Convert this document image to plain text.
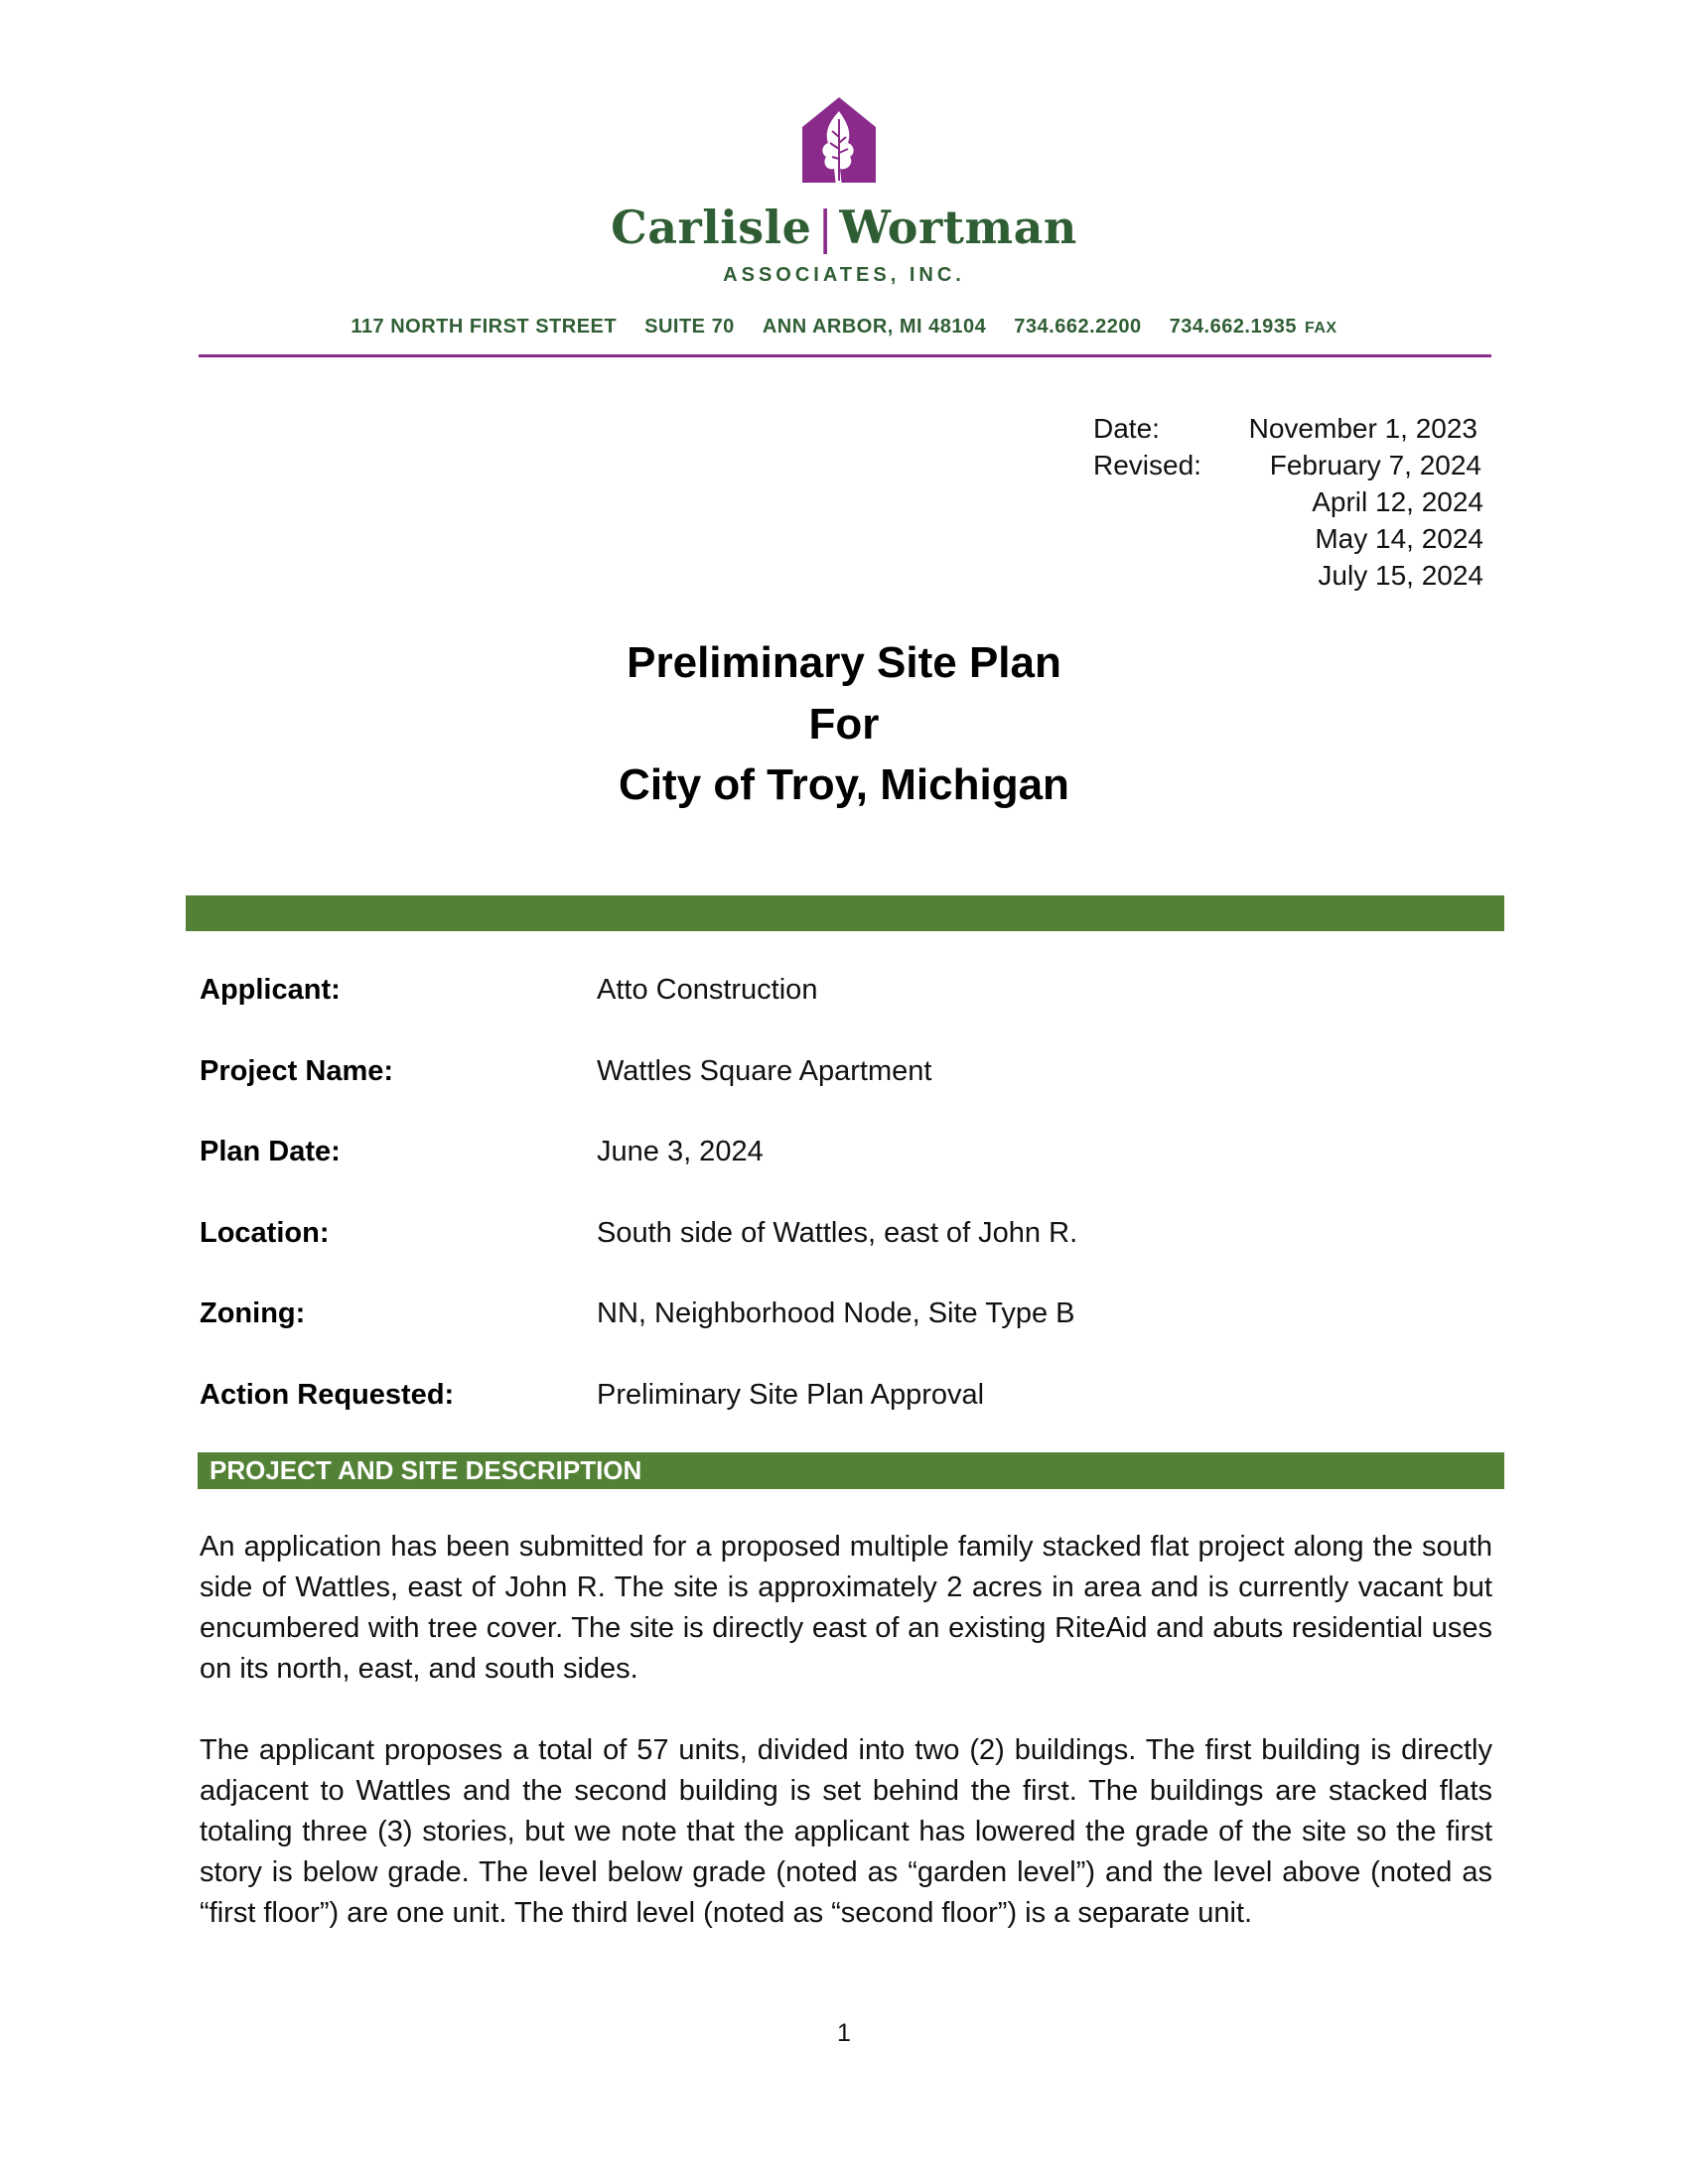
Carlisle | Wortman
ASSOCIATES, INC.
117 NORTH FIRST STREET SUITE 70 ANN ARBOR, MI 48104 734.662.2200 734.662.1935 FAX
Date:	November 1, 2023
Revised: February 7, 2024
April 12, 2024
May 14, 2024
July 15, 2024
Preliminary Site Plan
For
City of Troy, Michigan
Applicant:	Atto Construction
Project Name:	Wattles Square Apartment
Plan Date:	June 3, 2024
Location:	South side of Wattles, east of John R.
Zoning:	NN, Neighborhood Node, Site Type B
Action Requested:	Preliminary Site Plan Approval
PROJECT AND SITE DESCRIPTION
An application has been submitted for a proposed multiple family stacked flat project along the south side of Wattles, east of John R. The site is approximately 2 acres in area and is currently vacant but encumbered with tree cover. The site is directly east of an existing RiteAid and abuts residential uses on its north, east, and south sides.
The applicant proposes a total of 57 units, divided into two (2) buildings. The first building is directly adjacent to Wattles and the second building is set behind the first. The buildings are stacked flats totaling three (3) stories, but we note that the applicant has lowered the grade of the site so the first story is below grade. The level below grade (noted as “garden level”) and the level above (noted as “first floor”) are one unit. The third level (noted as “second floor”) is a separate unit.
1
